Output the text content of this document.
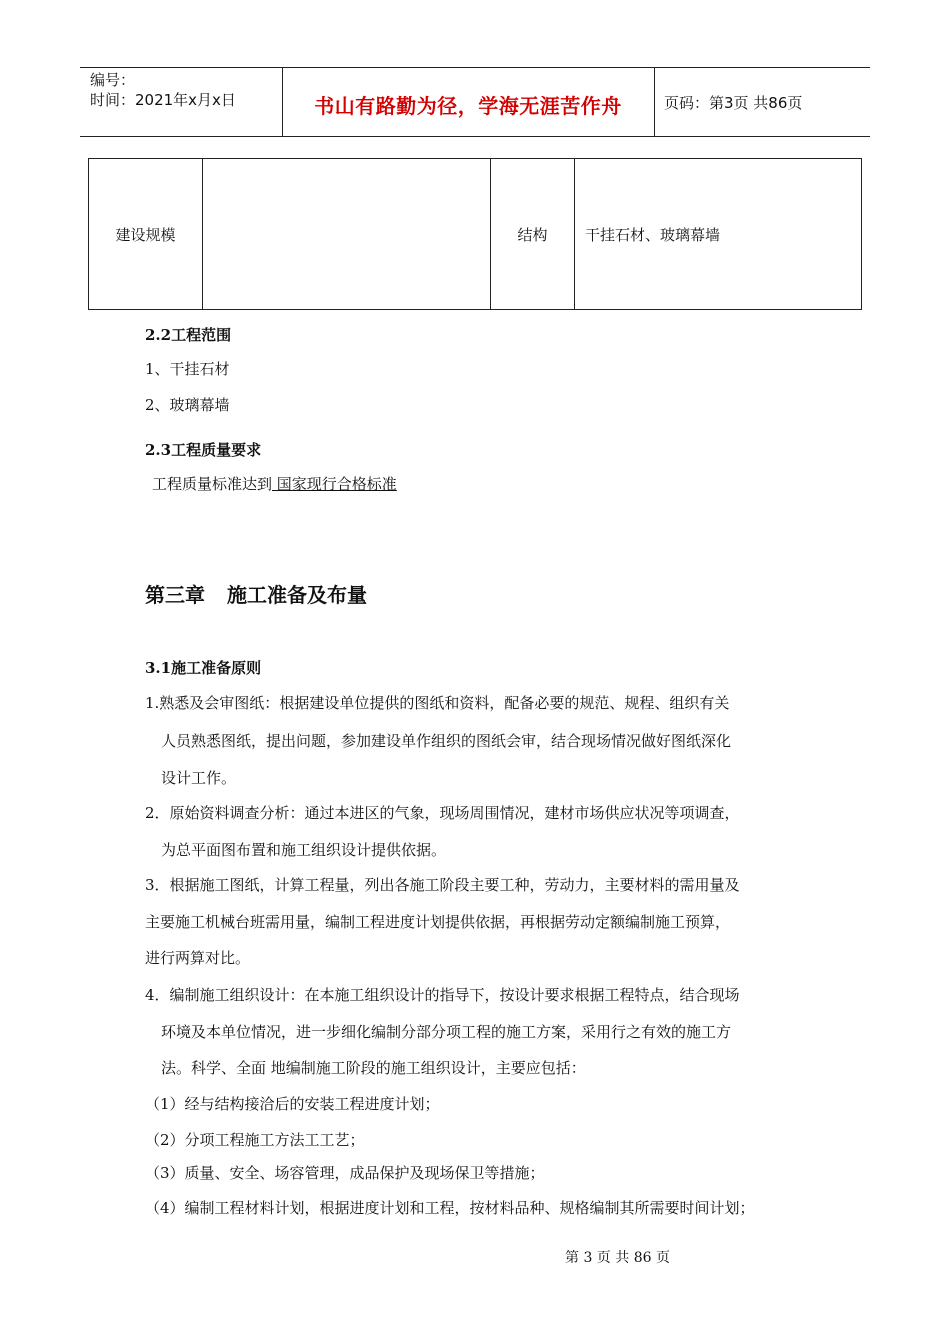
编号：
时间：2021年x月x日	书山有路勤为径，学海无涯苦作舟	页码：第3页 共86页
建设规模		结构	干挂石材、玻璃幕墙
2.2工程范围
1、干挂石材
2、玻璃幕墙
2.3工程质量要求
工程质量标准达到 国家现行合格标准
第三章 施工准备及布量
3.1施工准备原则
1.熟悉及会审图纸：根据建设单位提供的图纸和资料，配备必要的规范、规程、组织有关
人员熟悉图纸，提出问题，参加建设单作组织的图纸会审，结合现场情况做好图纸深化
设计工作。
2．原始资料调查分析：通过本进区的气象，现场周围情况，建材市场供应状况等项调查，
为总平面图布置和施工组织设计提供依据。
3．根据施工图纸，计算工程量，列出各施工阶段主要工种，劳动力，主要材料的需用量及
主要施工机械台班需用量，编制工程进度计划提供依据，再根据劳动定额编制施工预算，
进行两算对比。
4．编制施工组织设计：在本施工组织设计的指导下，按设计要求根据工程特点，结合现场
环境及本单位情况，进一步细化编制分部分项工程的施工方案，采用行之有效的施工方
法。科学、全面 地编制施工阶段的施工组织设计，主要应包括：
（1）经与结构接洽后的安装工程进度计划；
（2）分项工程施工方法工工艺；
（3）质量、安全、场容管理，成品保护及现场保卫等措施；
（4）编制工程材料计划，根据进度计划和工程，按材料品种、规格编制其所需要时间计划；
第 3 页 共 86 页
